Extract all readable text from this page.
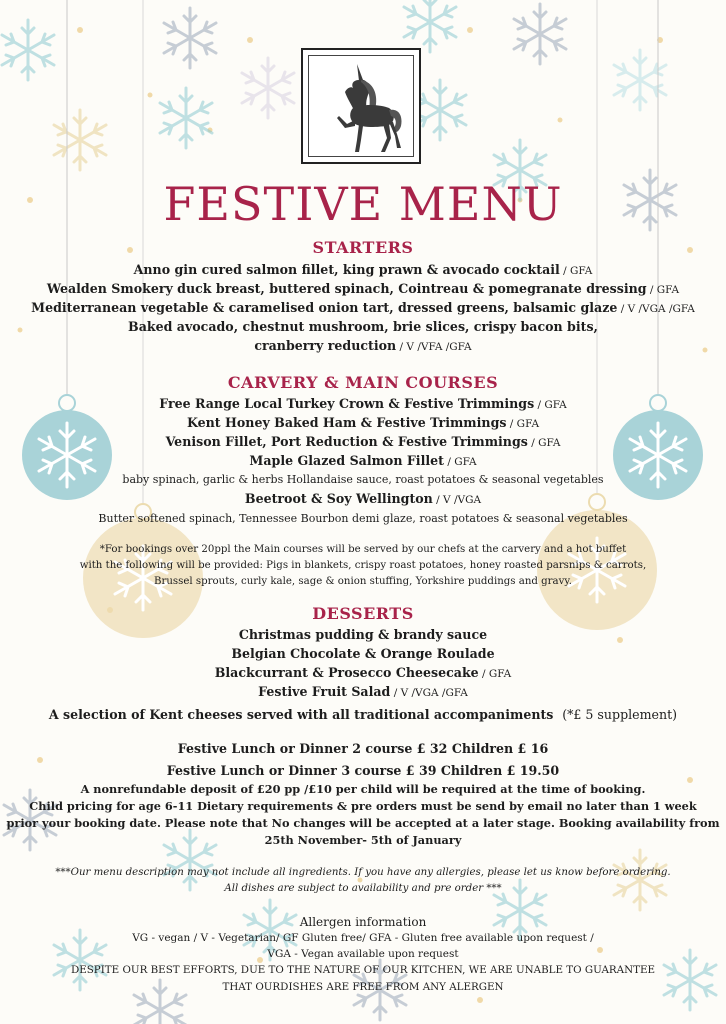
FESTIVE MENU
STARTERS
Anno gin cured salmon fillet, king prawn & avocado cocktail / GFA
Wealden Smokery duck breast, buttered spinach, Cointreau & pomegranate dressing / GFA
Mediterranean vegetable & caramelised onion tart, dressed greens, balsamic glaze / V /VGA /GFA
Baked avocado, chestnut mushroom, brie slices, crispy bacon bits,
cranberry reduction / V /VFA /GFA
CARVERY & MAIN COURSES
Free Range Local Turkey Crown & Festive Trimmings / GFA
Kent Honey Baked Ham & Festive Trimmings / GFA
Venison Fillet, Port Reduction & Festive Trimmings / GFA
Maple Glazed Salmon Fillet / GFA
baby spinach, garlic & herbs Hollandaise sauce, roast potatoes & seasonal vegetables
Beetroot & Soy Wellington / V /VGA
Butter softened spinach, Tennessee Bourbon demi glaze, roast potatoes & seasonal vegetables
*For bookings over 20ppl the Main courses will be served by our chefs at the carvery and a hot buffet
with the following will be provided: Pigs in blankets, crispy roast potatoes, honey roasted parsnips & carrots,
Brussel sprouts, curly kale, sage & onion stuffing, Yorkshire puddings and gravy.
DESSERTS
Christmas pudding & brandy sauce
Belgian Chocolate & Orange Roulade
Blackcurrant & Prosecco Cheesecake / GFA
Festive Fruit Salad / V /VGA /GFA
A selection of Kent cheeses served with all traditional accompaniments (*£ 5 supplement)
Festive Lunch or Dinner 2 course £ 32 Children £ 16
Festive Lunch or Dinner 3 course £ 39 Children £ 19.50
A nonrefundable deposit of £20 pp /£10 per child will be required at the time of booking.
Child pricing for age 6-11 Dietary requirements & pre orders must be send by email no later than 1 week
prior your booking date. Please note that No changes will be accepted at a later stage. Booking availability from
25th November- 5th of January
***Our menu description may not include all ingredients. If you have any allergies, please let us know before ordering.
All dishes are subject to availability and pre order ***
Allergen information
VG - vegan / V - Vegetarian/ GF Gluten free/ GFA - Gluten free available upon request /
VGA - Vegan available upon request
DESPITE OUR BEST EFFORTS, DUE TO THE NATURE OF OUR KITCHEN, WE ARE UNABLE TO GUARANTEE
THAT OURDISHES ARE FREE FROM ANY ALERGEN
